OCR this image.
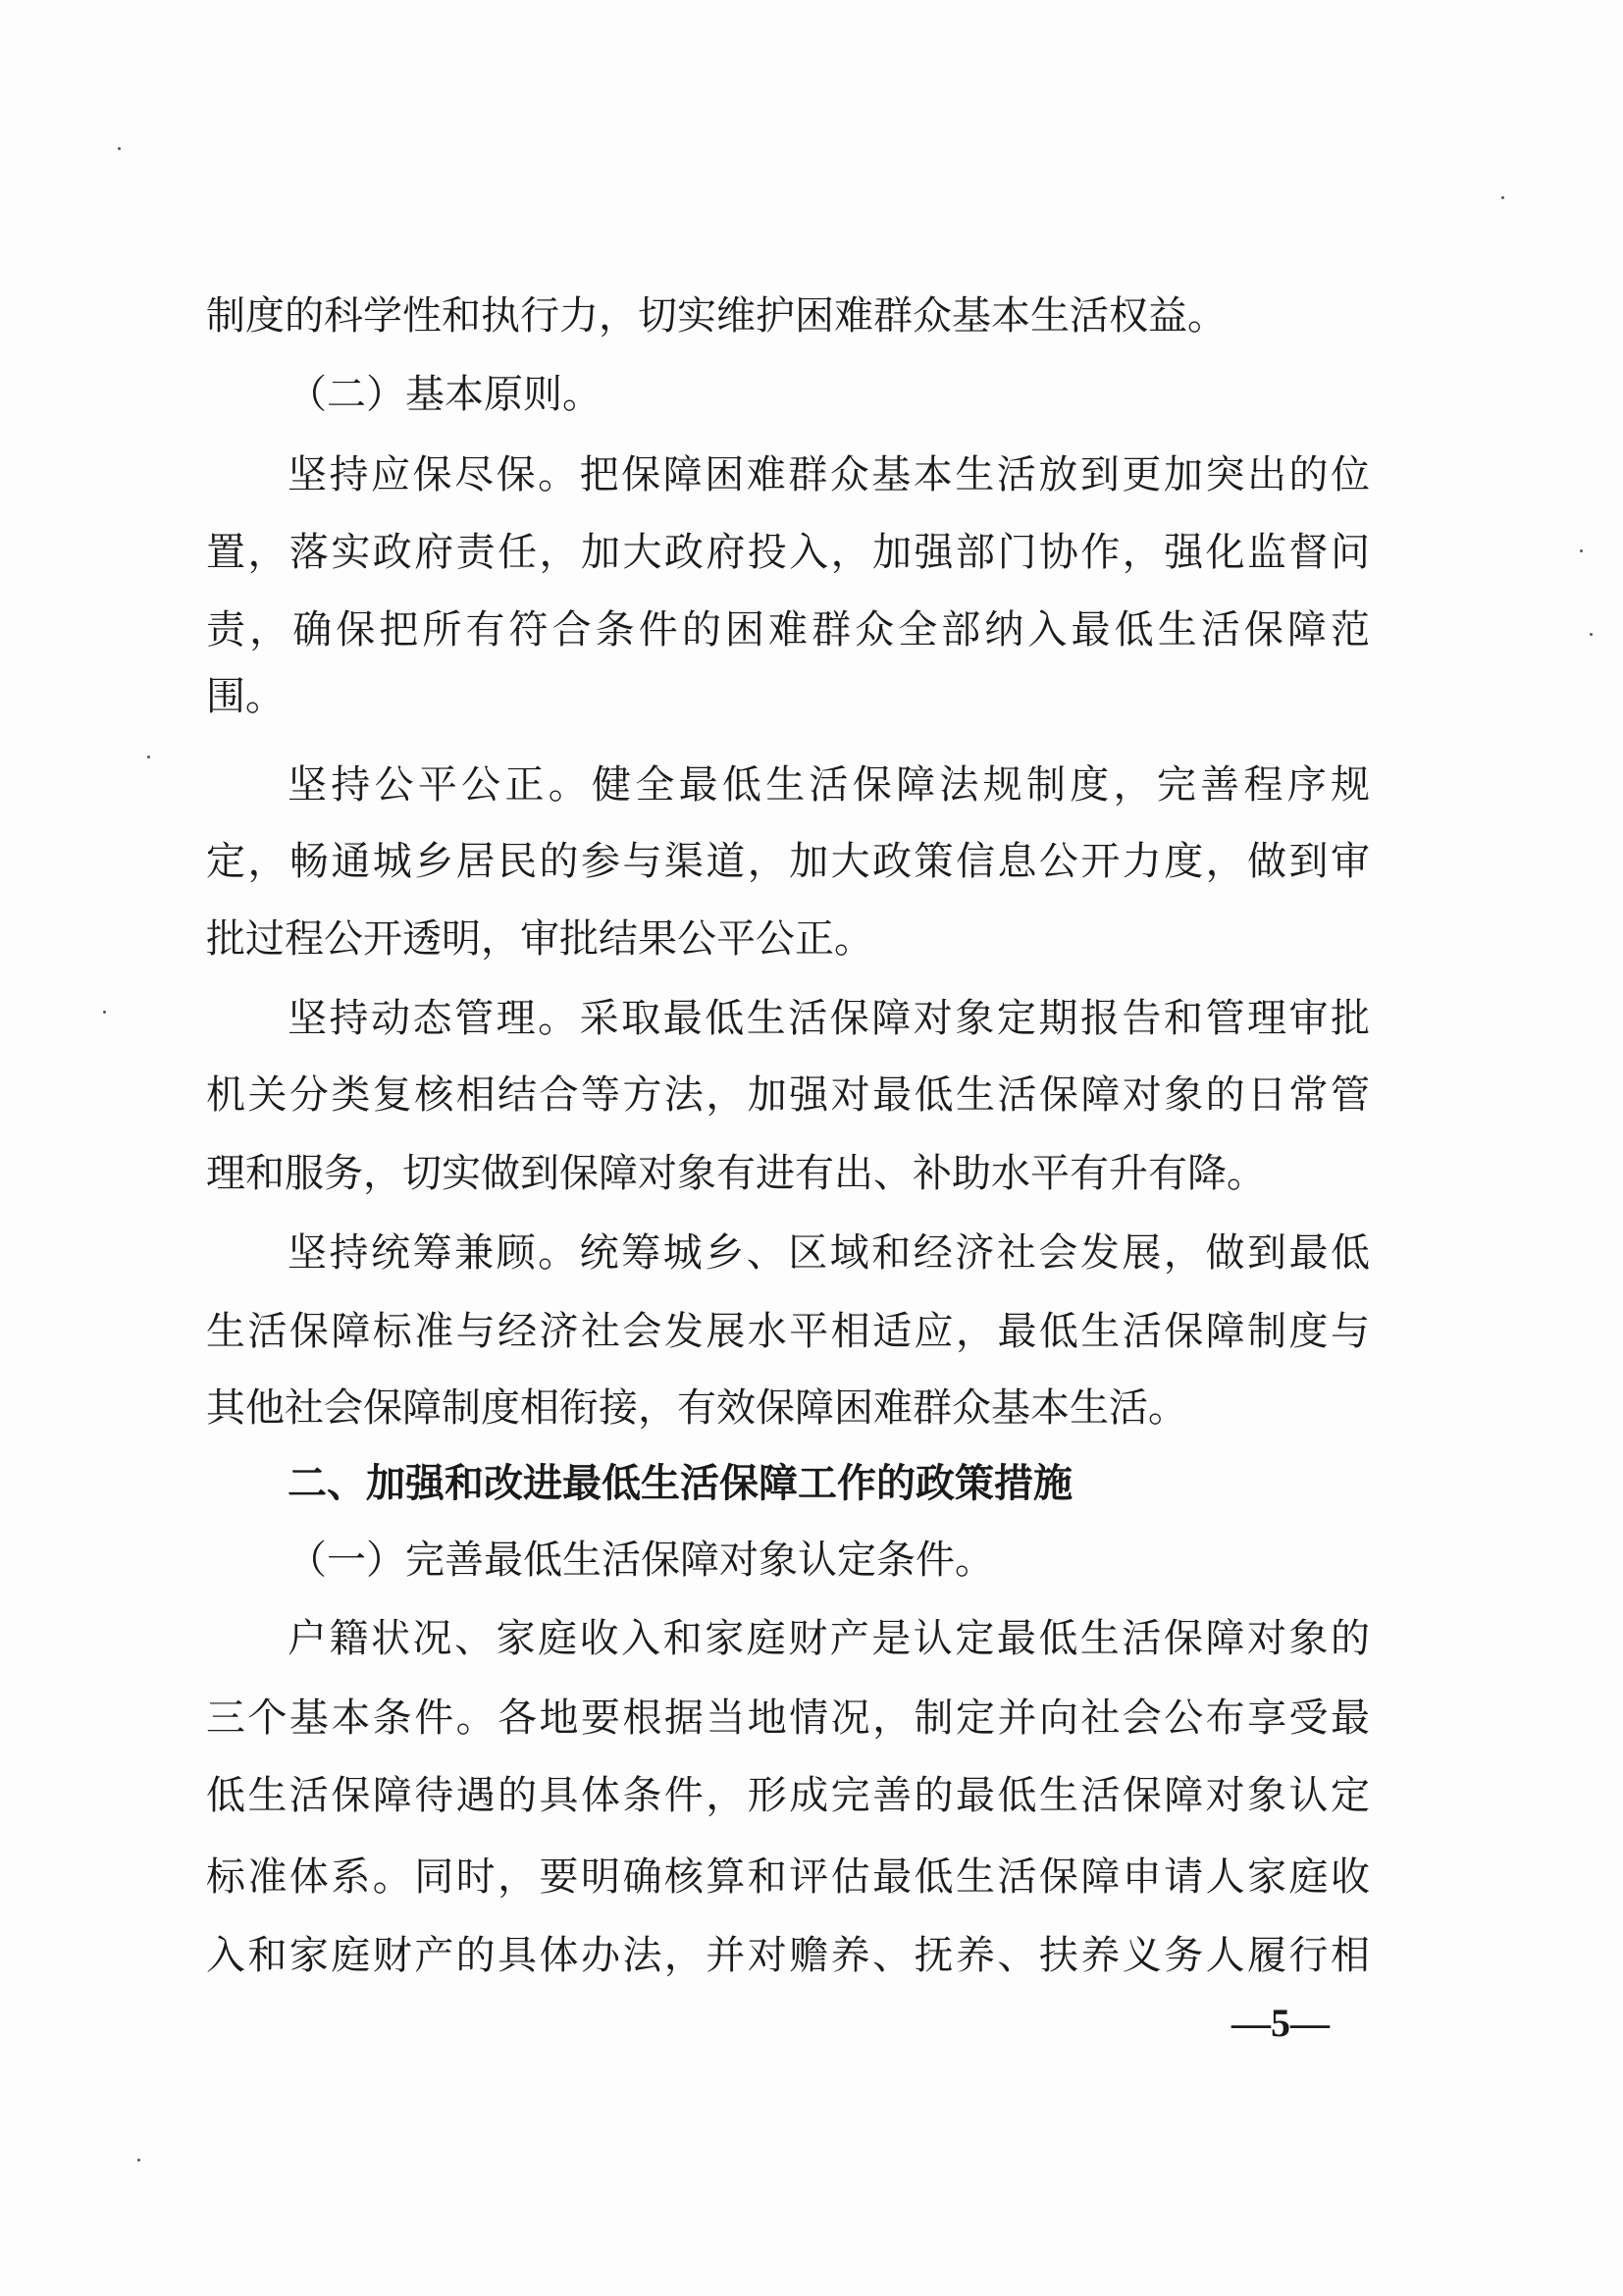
制度的科学性和执行力，切实维护困难群众基本生活权益。
（二）基本原则。
坚持应保尽保。把保障困难群众基本生活放到更加突出的位
置，落实政府责任，加大政府投入，加强部门协作，强化监督问
责，确保把所有符合条件的困难群众全部纳入最低生活保障范
围。
坚持公平公正。健全最低生活保障法规制度，完善程序规
定，畅通城乡居民的参与渠道，加大政策信息公开力度，做到审
批过程公开透明，审批结果公平公正。
坚持动态管理。采取最低生活保障对象定期报告和管理审批
机关分类复核相结合等方法，加强对最低生活保障对象的日常管
理和服务，切实做到保障对象有进有出、补助水平有升有降。
坚持统筹兼顾。统筹城乡、区域和经济社会发展，做到最低
生活保障标准与经济社会发展水平相适应，最低生活保障制度与
其他社会保障制度相衔接，有效保障困难群众基本生活。
二、加强和改进最低生活保障工作的政策措施
（一）完善最低生活保障对象认定条件。
户籍状况、家庭收入和家庭财产是认定最低生活保障对象的
三个基本条件。各地要根据当地情况，制定并向社会公布享受最
低生活保障待遇的具体条件，形成完善的最低生活保障对象认定
标准体系。同时，要明确核算和评估最低生活保障申请人家庭收
入和家庭财产的具体办法，并对赡养、抚养、扶养义务人履行相
—5—
